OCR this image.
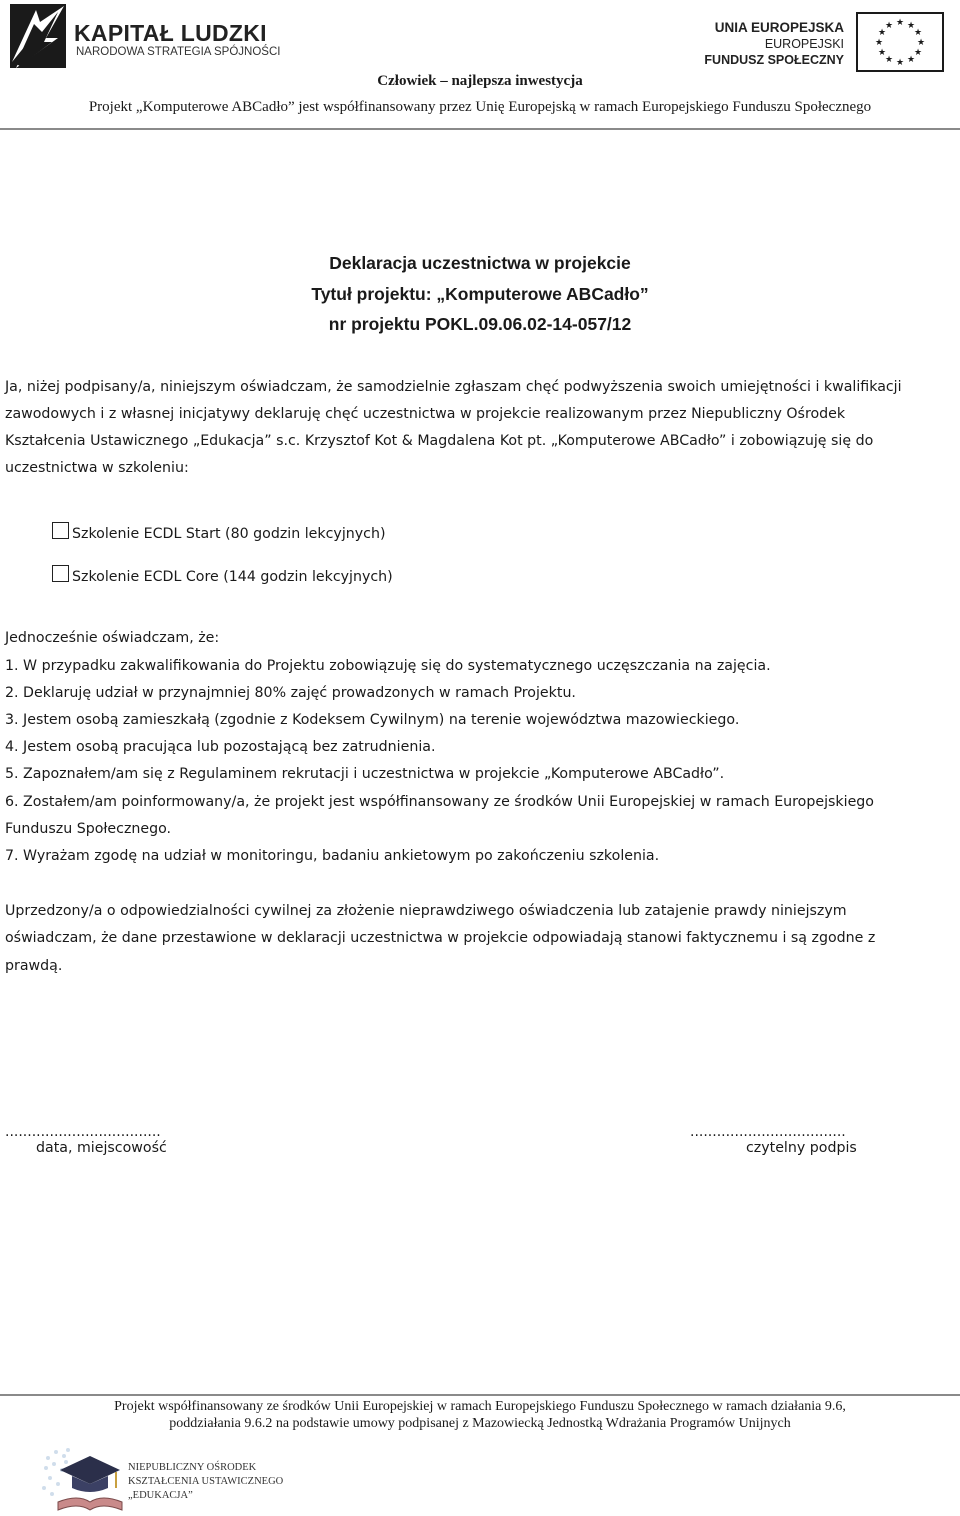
KAPITAŁ LUDZKI
NARODOWA STRATEGIA SPÓJNOŚCI
UNIA EUROPEJSKA
EUROPEJSKI
FUNDUSZ SPOŁECZNY
★ ★
★
★
★
★
★
★
★
★
★
★
Człowiek – najlepsza inwestycja
Projekt „Komputerowe ABCadło” jest współfinansowany przez Unię Europejską w ramach Europejskiego Funduszu Społecznego
Deklaracja uczestnictwa w projekcie
Tytuł projektu: „Komputerowe ABCadło”
nr projektu POKL.09.06.02-14-057/12
Ja, niżej podpisany/a, niniejszym oświadczam, że samodzielnie zgłaszam chęć podwyższenia swoich umiejętności i kwalifikacji
zawodowych i z własnej inicjatywy deklaruję chęć uczestnictwa w projekcie realizowanym przez Niepubliczny Ośrodek
Kształcenia Ustawicznego „Edukacja” s.c. Krzysztof Kot & Magdalena Kot pt. „Komputerowe ABCadło” i zobowiązuję się do
uczestnictwa w szkoleniu:
Szkolenie ECDL Start (80 godzin lekcyjnych)
Szkolenie ECDL Core (144 godzin lekcyjnych)
Jednocześnie oświadczam, że:
1. W przypadku zakwalifikowania do Projektu zobowiązuję się do systematycznego uczęszczania na zajęcia.
2. Deklaruję udział w przynajmniej 80% zajęć prowadzonych w ramach Projektu.
3. Jestem osobą zamieszkałą (zgodnie z Kodeksem Cywilnym) na terenie województwa mazowieckiego.
4. Jestem osobą pracująca lub pozostającą bez zatrudnienia.
5. Zapoznałem/am się z Regulaminem rekrutacji i uczestnictwa w projekcie „Komputerowe ABCadło”.
6. Zostałem/am poinformowany/a, że projekt jest współfinansowany ze środków Unii Europejskiej w ramach Europejskiego
Funduszu Społecznego.
7. Wyrażam zgodę na udział w monitoringu, badaniu ankietowym po zakończeniu szkolenia.
Uprzedzony/a o odpowiedzialności cywilnej za złożenie nieprawdziwego oświadczenia lub zatajenie prawdy niniejszym
oświadczam, że dane przestawione w deklaracji uczestnictwa w projekcie odpowiadają stanowi faktycznemu i są zgodne z
prawdą.
...................................
data, miejscowość
...................................
czytelny podpis
Projekt współfinansowany ze środków Unii Europejskiej w ramach Europejskiego Funduszu Społecznego w ramach działania 9.6,
poddziałania 9.6.2 na podstawie umowy podpisanej z Mazowiecką Jednostką Wdrażania Programów Unijnych
NIEPUBLICZNY OŚRODEK
KSZTAŁCENIA USTAWICZNEGO
„EDUKACJA”
